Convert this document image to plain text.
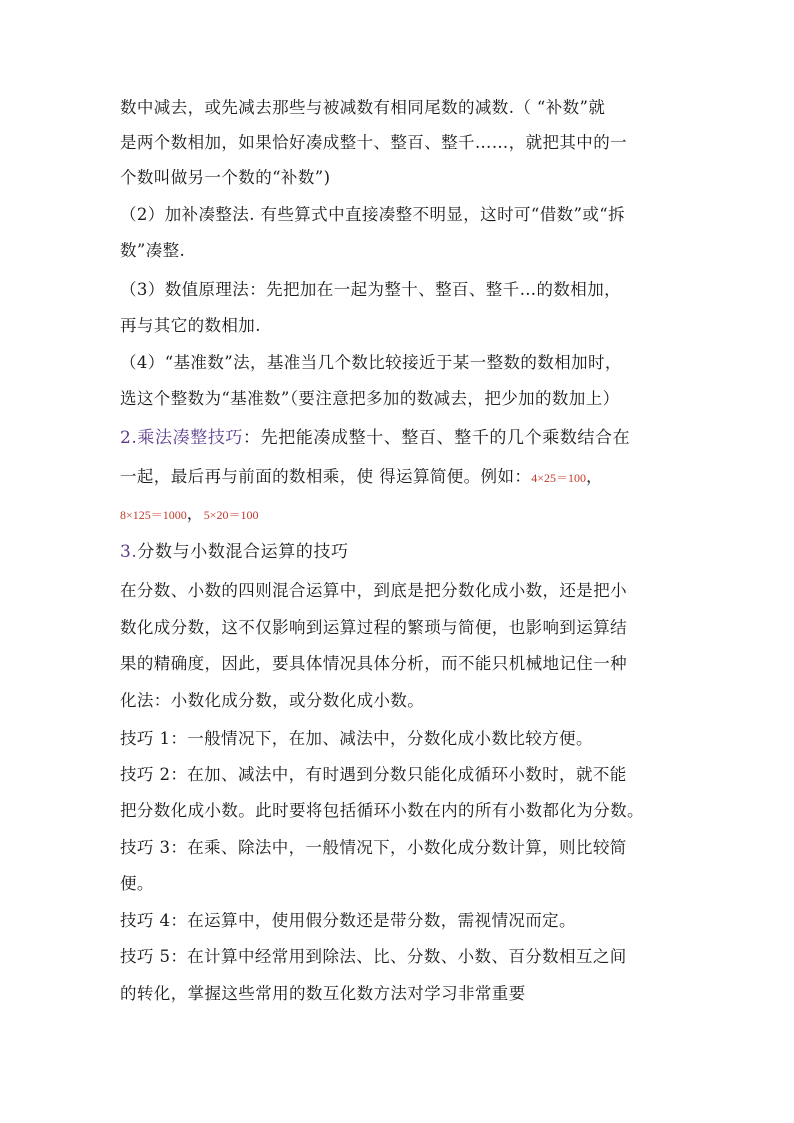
数中减去，或先减去那些与被减数有相同尾数的减数.（ “补数”就
是两个数相加，如果恰好凑成整十、整百、整千……，就把其中的一
个数叫做另一个数的“补数”)
（2）加补凑整法. 有些算式中直接凑整不明显，这时可“借数”或“拆
数”凑整.
（3）数值原理法：先把加在一起为整十、整百、整千…的数相加，
再与其它的数相加.
（4）“基准数”法，基准当几个数比较接近于某一整数的数相加时，
选这个整数为“基准数”（要注意把多加的数减去，把少加的数加上）
2.乘法凑整技巧：先把能凑成整十、整百、整千的几个乘数结合在
一起，最后再与前面的数相乘，使 得运算简便。例如：4×25＝100，
8×125＝1000，5×20＝100
3.分数与小数混合运算的技巧
在分数、小数的四则混合运算中，到底是把分数化成小数，还是把小
数化成分数，这不仅影响到运算过程的繁琐与简便，也影响到运算结
果的精确度，因此，要具体情况具体分析，而不能只机械地记住一种
化法：小数化成分数，或分数化成小数。
技巧 1：一般情况下，在加、减法中，分数化成小数比较方便。
技巧 2：在加、减法中，有时遇到分数只能化成循环小数时，就不能
把分数化成小数。此时要将包括循环小数在内的所有小数都化为分数。
技巧 3：在乘、除法中，一般情况下，小数化成分数计算，则比较简
便。
技巧 4：在运算中，使用假分数还是带分数，需视情况而定。
技巧 5：在计算中经常用到除法、比、分数、小数、百分数相互之间
的转化，掌握这些常用的数互化数方法对学习非常重要
